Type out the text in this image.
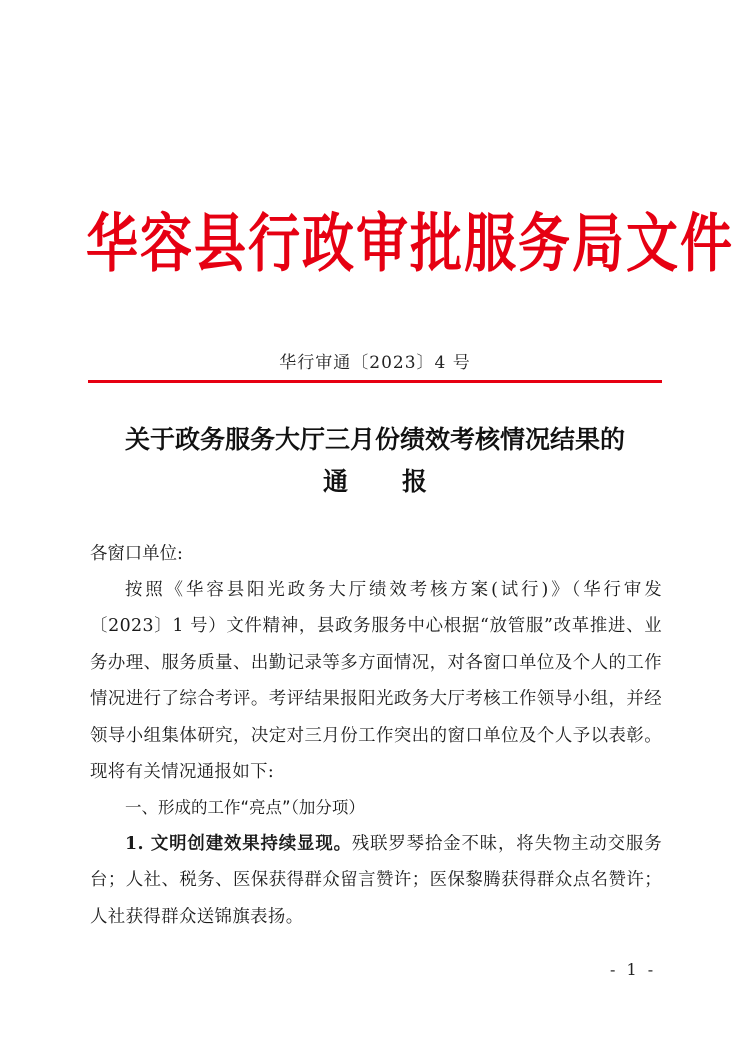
华容县行政审批服务局文件
华行审通〔2023〕4 号
关于政务服务大厅三月份绩效考核情况结果的
通报
各窗口单位:
按照《华容县阳光政务大厅绩效考核方案(试行)》（华行审发〔2023〕1 号）文件精神，县政务服务中心根据“放管服”改革推进、业务办理、服务质量、出勤记录等多方面情况，对各窗口单位及个人的工作情况进行了综合考评。考评结果报阳光政务大厅考核工作领导小组，并经领导小组集体研究，决定对三月份工作突出的窗口单位及个人予以表彰。现将有关情况通报如下:
一、形成的工作“亮点”（加分项）
1. 文明创建效果持续显现。残联罗琴拾金不昧，将失物主动交服务台；人社、税务、医保获得群众留言赞许；医保黎腾获得群众点名赞许；人社获得群众送锦旗表扬。
- 1 -
